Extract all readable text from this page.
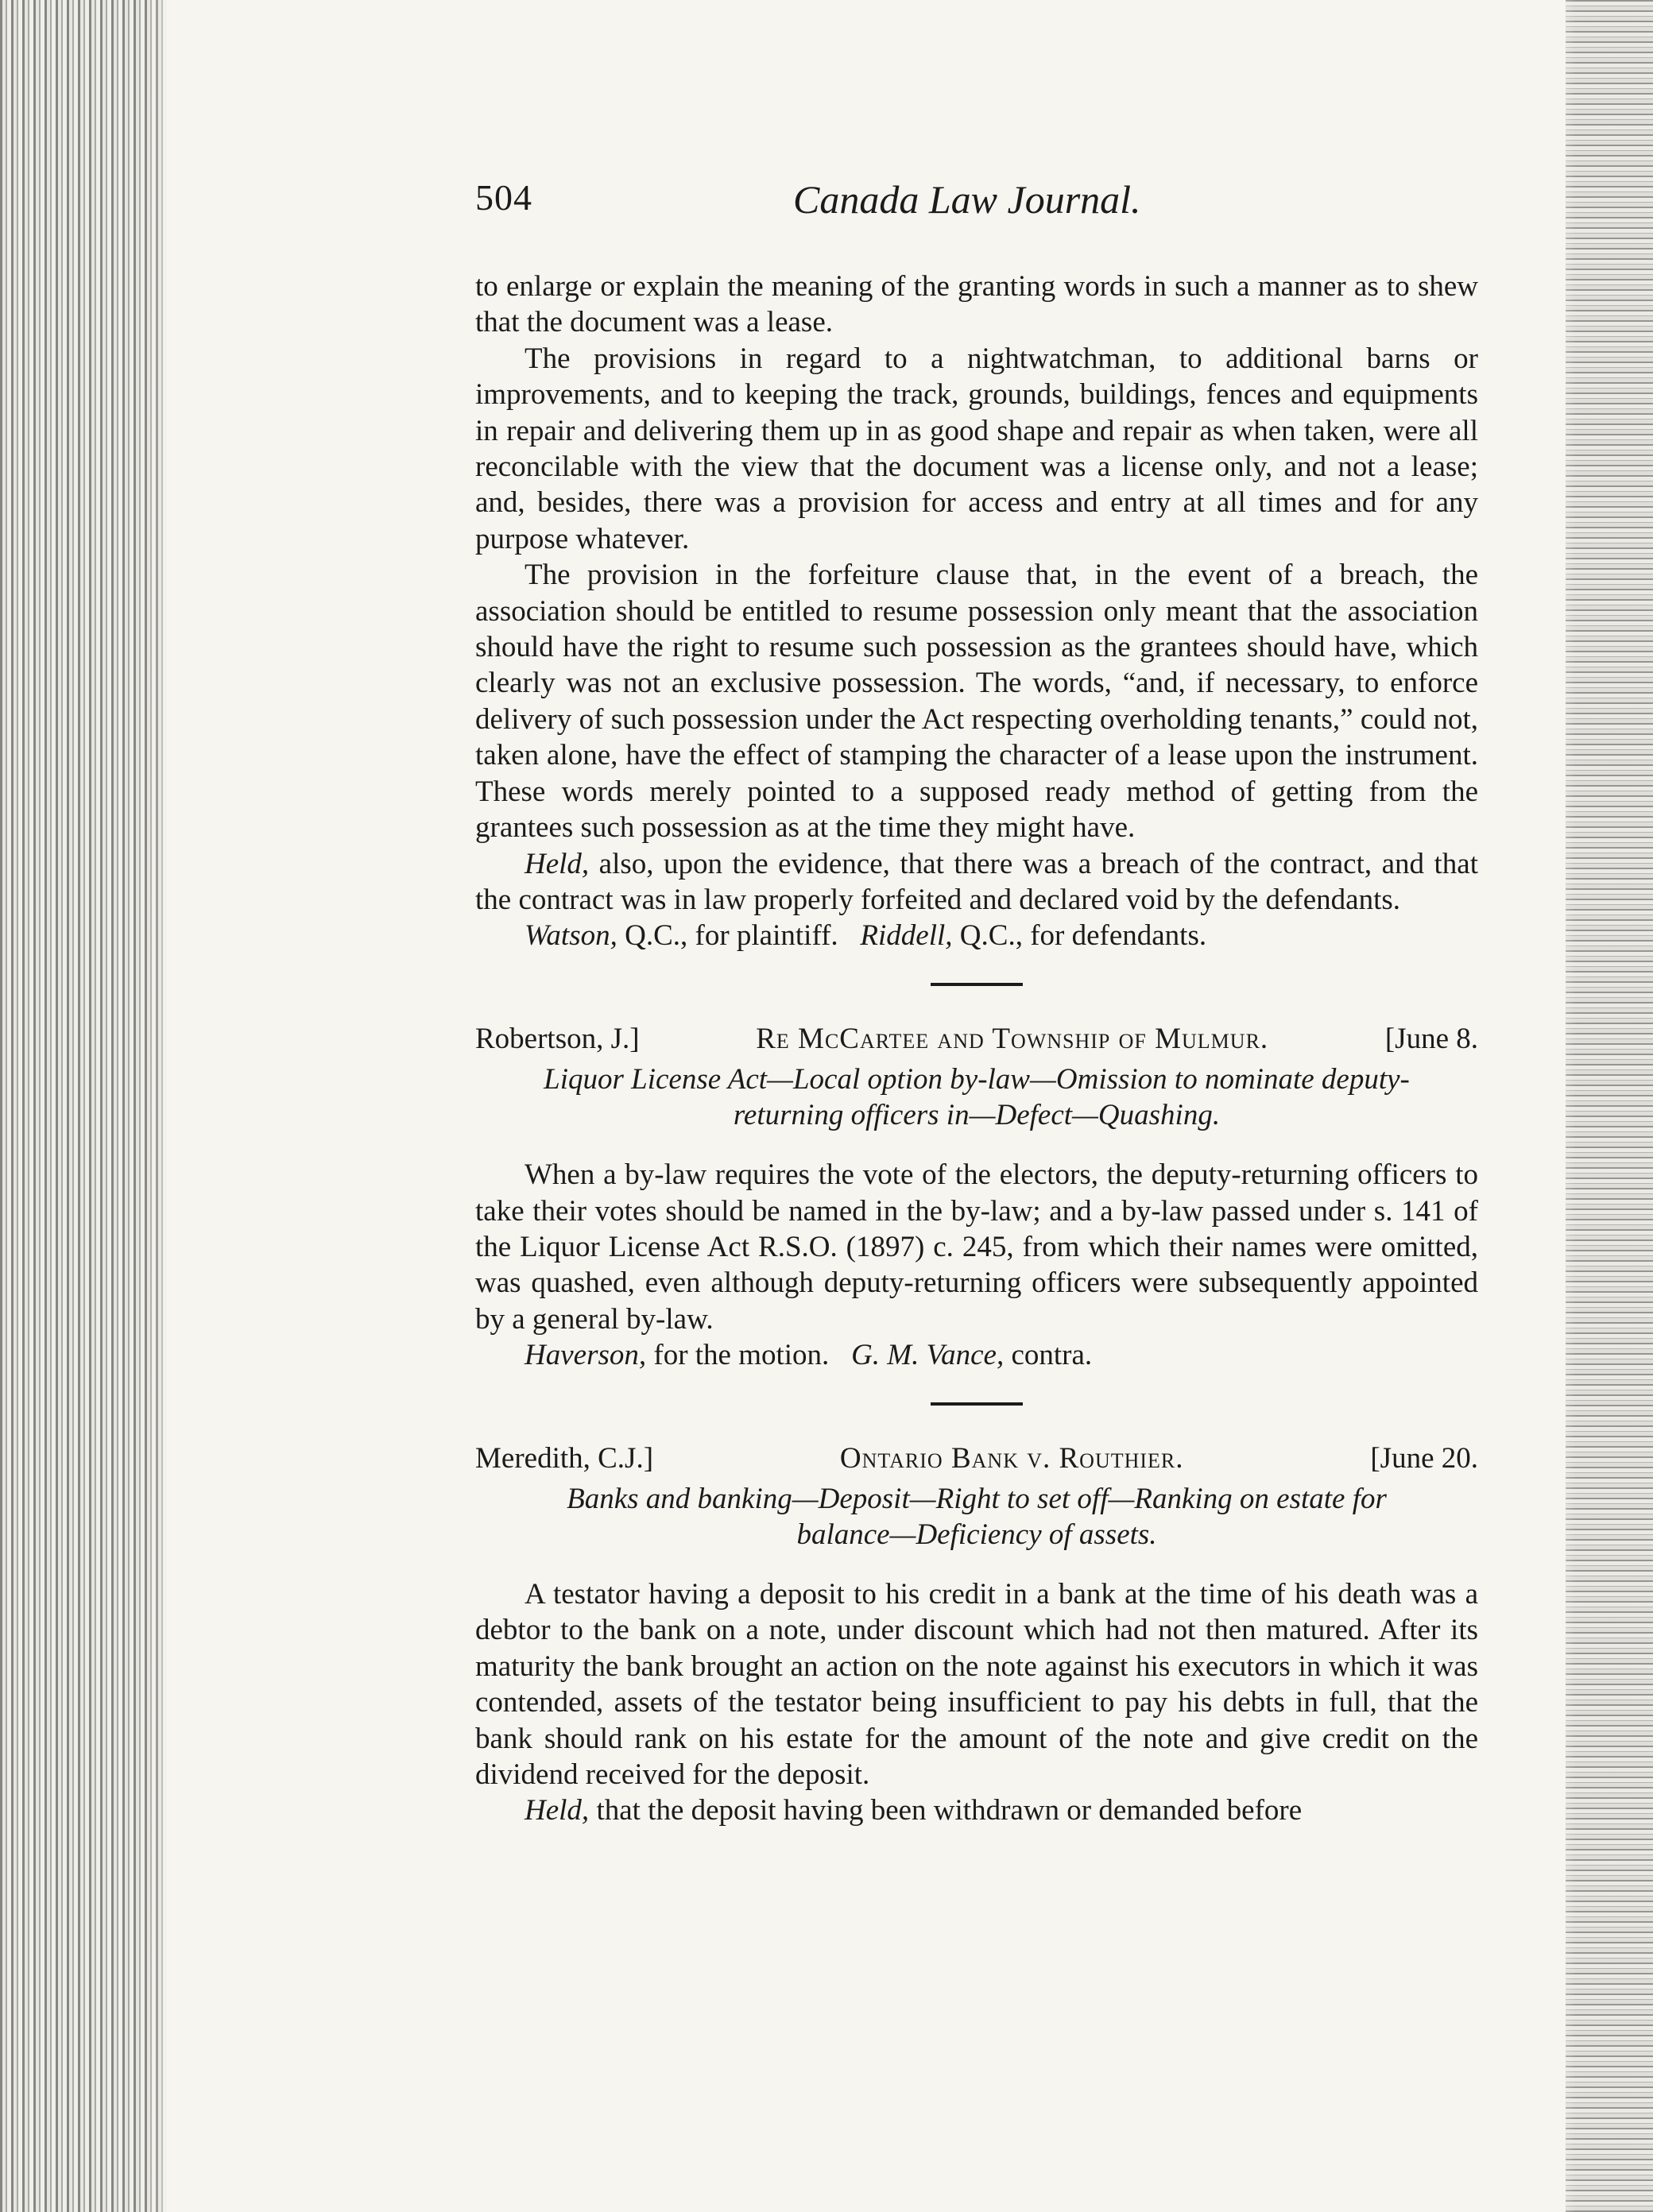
504	Canada Law Journal.

to enlarge or explain the meaning of the granting words in such a manner as to shew that the document was a lease.

The provisions in regard to a nightwatchman, to additional barns or improvements, and to keeping the track, grounds, buildings, fences and equipments in repair and delivering them up in as good shape and repair as when taken, were all reconcilable with the view that the document was a license only, and not a lease; and, besides, there was a provision for access and entry at all times and for any purpose whatever.

The provision in the forfeiture clause that, in the event of a breach, the association should be entitled to resume possession only meant that the association should have the right to resume such possession as the grantees should have, which clearly was not an exclusive possession. The words, “and, if necessary, to enforce delivery of such possession under the Act respecting overholding tenants,” could not, taken alone, have the effect of stamping the character of a lease upon the instrument. These words merely pointed to a supposed ready method of getting from the grantees such possession as at the time they might have.

Held, also, upon the evidence, that there was a breach of the contract, and that the contract was in law properly forfeited and declared void by the defendants.

Watson, Q.C., for plaintiff. Riddell, Q.C., for defendants.

Robertson, J.]	Re McCartee and Township of Mulmur.	[June 8.

Liquor License Act—Local option by-law—Omission to nominate deputy-
returning officers in—Defect—Quashing.

When a by-law requires the vote of the electors, the deputy-returning officers to take their votes should be named in the by-law; and a by-law passed under s. 141 of the Liquor License Act R.S.O. (1897) c. 245, from which their names were omitted, was quashed, even although deputy-returning officers were subsequently appointed by a general by-law.

Haverson, for the motion. G. M. Vance, contra.

Meredith, C.J.]	Ontario Bank v. Routhier.	[June 20.

Banks and banking—Deposit—Right to set off—Ranking on estate for
balance—Deficiency of assets.

A testator having a deposit to his credit in a bank at the time of his death was a debtor to the bank on a note, under discount which had not then matured. After its maturity the bank brought an action on the note against his executors in which it was contended, assets of the testator being insufficient to pay his debts in full, that the bank should rank on his estate for the amount of the note and give credit on the dividend received for the deposit.

Held, that the deposit having been withdrawn or demanded before
